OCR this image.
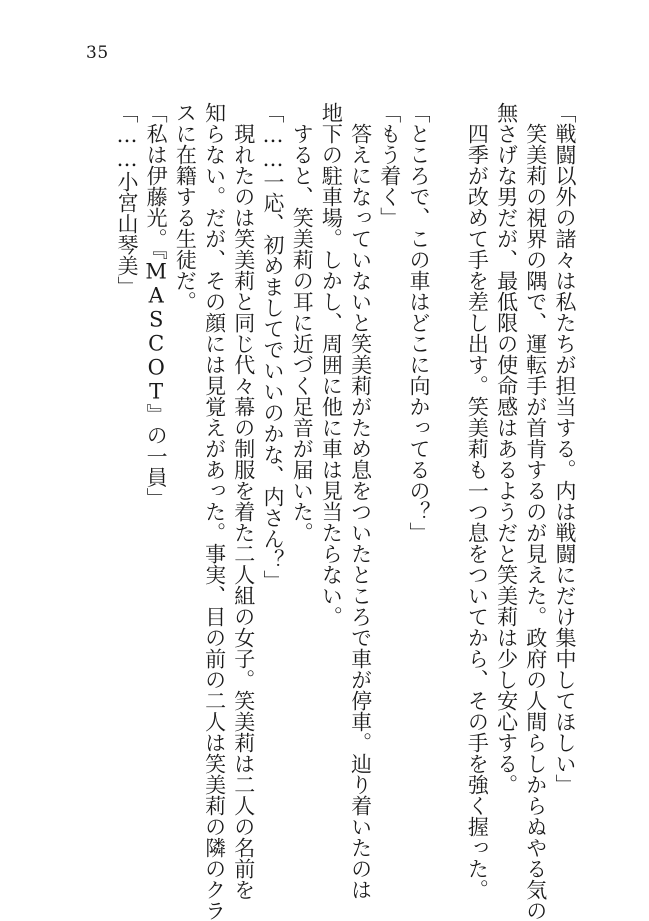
35
「戦闘以外の諸々は私たちが担当する。内は戦闘にだけ集中してほしい」
　笑美莉の視界の隅で、運転手が首肯するのが見えた。政府の人間らしからぬやる気の
無さげな男だが、最低限の使命感はあるようだと笑美莉は少し安心する。
　四季が改めて手を差し出す。笑美莉も一つ息をついてから、その手を強く握った。
「ところで、この車はどこに向かってるの？」
「もう着く」
　答えになっていないと笑美莉がため息をついたところで車が停車。辿り着いたのは
地下の駐車場。しかし、周囲に他に車は見当たらない。
　すると、笑美莉の耳に近づく足音が届いた。
「……一応、初めましてでいいのかな、内さん？」
　現れたのは笑美莉と同じ代々幕の制服を着た二人組の女子。笑美莉は二人の名前を
知らない。だが、その顔には見覚えがあった。事実、目の前の二人は笑美莉の隣のクラ
スに在籍する生徒だ。
「私は伊藤光。『MASCOT』の一員」
「……小宮山琴美」
